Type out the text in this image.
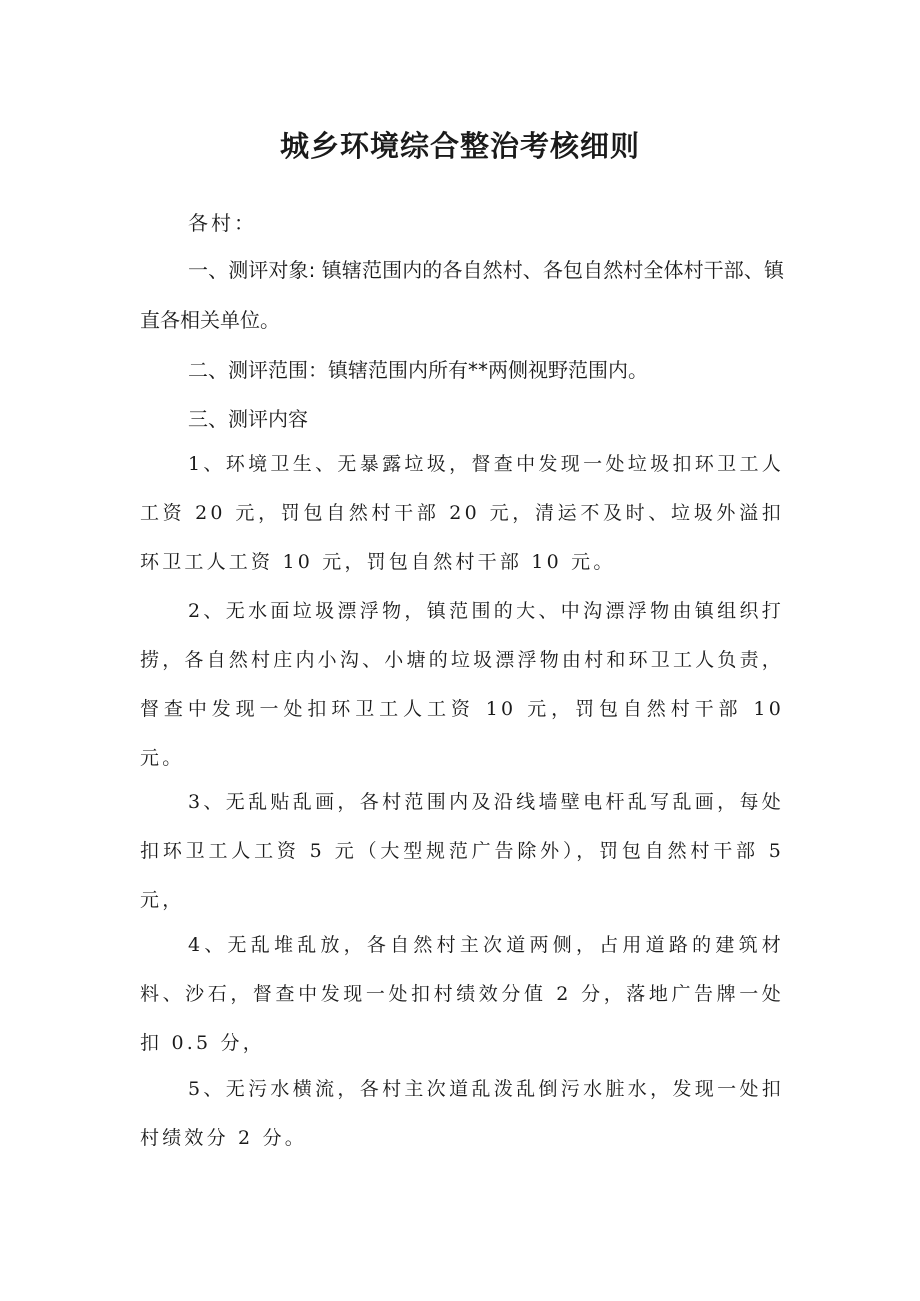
城乡环境综合整治考核细则
各村：
一、测评对象: 镇辖范围内的各自然村、各包自然村全体村干部、镇直各相关单位。
二、测评范围：镇辖范围内所有**两侧视野范围内。
三、测评内容
1、环境卫生、无暴露垃圾，督查中发现一处垃圾扣环卫工人工资 20 元，罚包自然村干部 20 元，清运不及时、垃圾外溢扣环卫工人工资 10 元，罚包自然村干部 10 元。
2、无水面垃圾漂浮物，镇范围的大、中沟漂浮物由镇组织打捞，各自然村庄内小沟、小塘的垃圾漂浮物由村和环卫工人负责，督查中发现一处扣环卫工人工资 10 元，罚包自然村干部 10 元。
3、无乱贴乱画，各村范围内及沿线墙壁电杆乱写乱画，每处扣环卫工人工资 5 元（大型规范广告除外），罚包自然村干部 5 元，
4、无乱堆乱放，各自然村主次道两侧，占用道路的建筑材料、沙石，督查中发现一处扣村绩效分值 2 分，落地广告牌一处扣 0.5 分，
5、无污水横流，各村主次道乱泼乱倒污水脏水，发现一处扣村绩效分 2 分。
